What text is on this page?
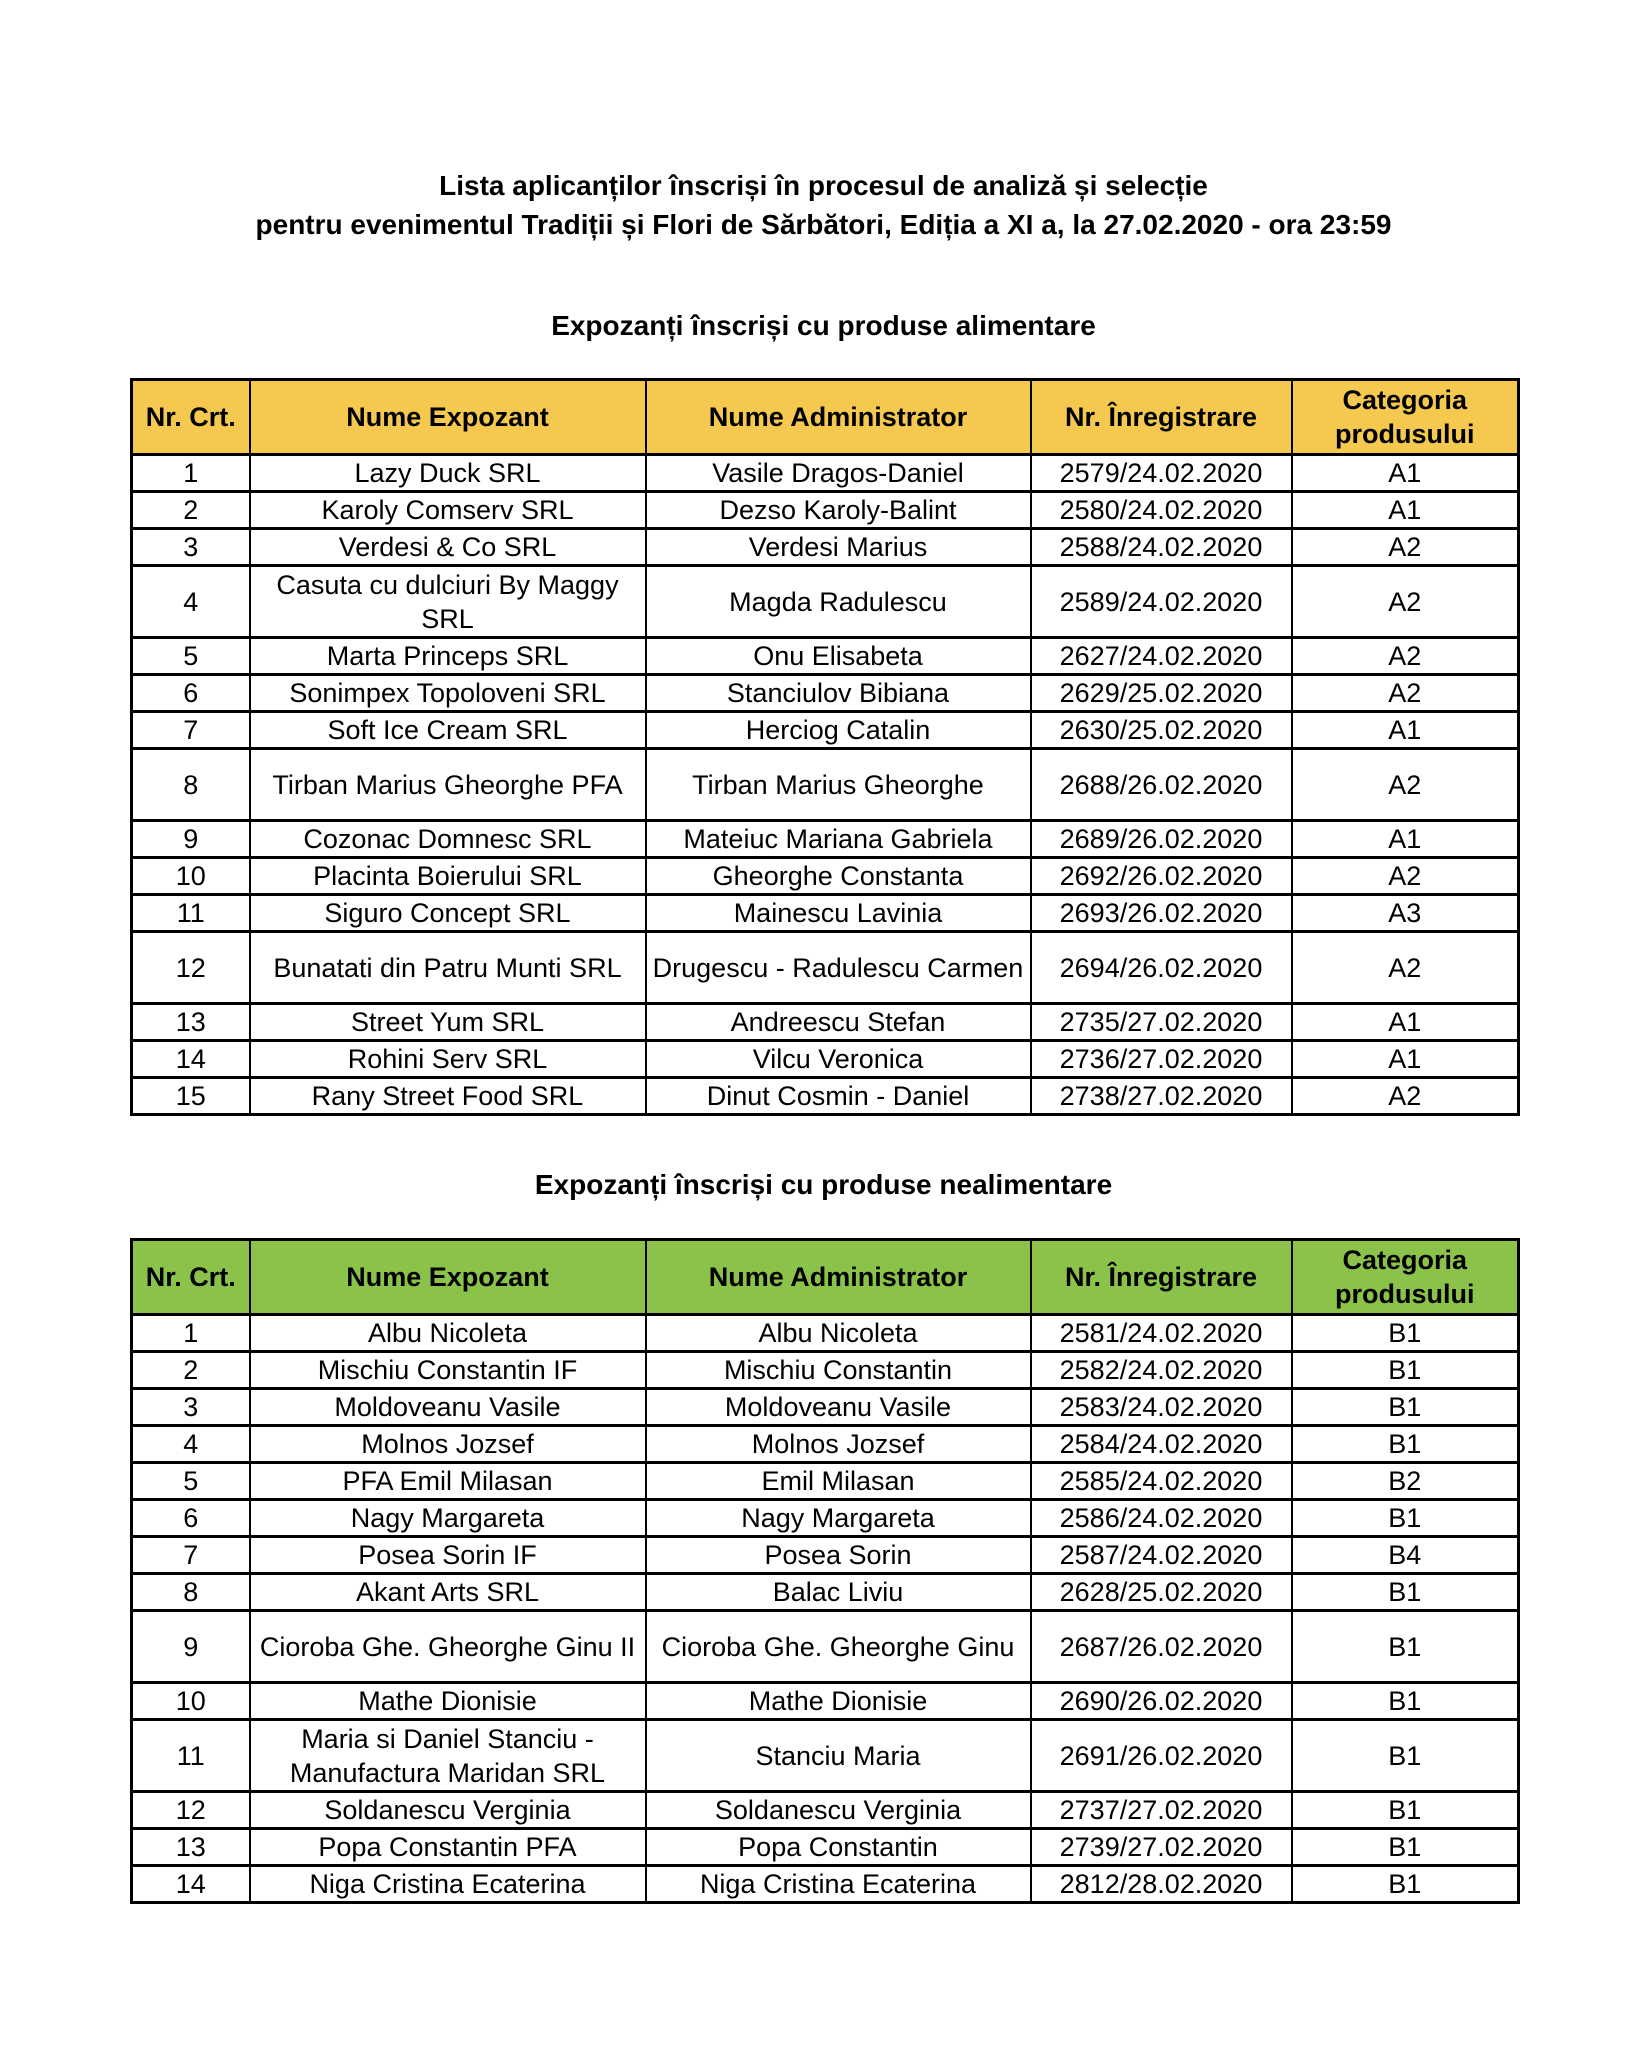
Lista aplicanților înscriși în procesul de analiză și selecție
pentru evenimentul Tradiții și Flori de Sărbători, Ediția a XI a, la 27.02.2020 - ora 23:59
Expozanți înscriși cu produse alimentare
Nr. Crt.	Nume Expozant	Nume Administrator	Nr. Înregistrare	Categoria produsului
1	Lazy Duck SRL	Vasile Dragos-Daniel	2579/24.02.2020	A1
2	Karoly Comserv SRL	Dezso Karoly-Balint	2580/24.02.2020	A1
3	Verdesi & Co SRL	Verdesi Marius	2588/24.02.2020	A2
4	Casuta cu dulciuri By Maggy SRL	Magda Radulescu	2589/24.02.2020	A2
5	Marta Princeps SRL	Onu Elisabeta	2627/24.02.2020	A2
6	Sonimpex Topoloveni SRL	Stanciulov Bibiana	2629/25.02.2020	A2
7	Soft Ice Cream SRL	Herciog Catalin	2630/25.02.2020	A1
8	Tirban Marius Gheorghe PFA	Tirban Marius Gheorghe	2688/26.02.2020	A2
9	Cozonac Domnesc SRL	Mateiuc Mariana Gabriela	2689/26.02.2020	A1
10	Placinta Boierului SRL	Gheorghe Constanta	2692/26.02.2020	A2
11	Siguro Concept SRL	Mainescu Lavinia	2693/26.02.2020	A3
12	Bunatati din Patru Munti SRL	Drugescu - Radulescu Carmen	2694/26.02.2020	A2
13	Street Yum SRL	Andreescu Stefan	2735/27.02.2020	A1
14	Rohini Serv SRL	Vilcu Veronica	2736/27.02.2020	A1
15	Rany Street Food SRL	Dinut Cosmin - Daniel	2738/27.02.2020	A2
Expozanți înscriși cu produse nealimentare
Nr. Crt.	Nume Expozant	Nume Administrator	Nr. Înregistrare	Categoria produsului
1	Albu Nicoleta	Albu Nicoleta	2581/24.02.2020	B1
2	Mischiu Constantin IF	Mischiu Constantin	2582/24.02.2020	B1
3	Moldoveanu Vasile	Moldoveanu Vasile	2583/24.02.2020	B1
4	Molnos Jozsef	Molnos Jozsef	2584/24.02.2020	B1
5	PFA Emil Milasan	Emil Milasan	2585/24.02.2020	B2
6	Nagy Margareta	Nagy Margareta	2586/24.02.2020	B1
7	Posea Sorin IF	Posea Sorin	2587/24.02.2020	B4
8	Akant Arts SRL	Balac Liviu	2628/25.02.2020	B1
9	Cioroba Ghe. Gheorghe Ginu II	Cioroba Ghe. Gheorghe Ginu	2687/26.02.2020	B1
10	Mathe Dionisie	Mathe Dionisie	2690/26.02.2020	B1
11	Maria si Daniel Stanciu - Manufactura Maridan SRL	Stanciu Maria	2691/26.02.2020	B1
12	Soldanescu Verginia	Soldanescu Verginia	2737/27.02.2020	B1
13	Popa Constantin PFA	Popa Constantin	2739/27.02.2020	B1
14	Niga Cristina Ecaterina	Niga Cristina Ecaterina	2812/28.02.2020	B1
